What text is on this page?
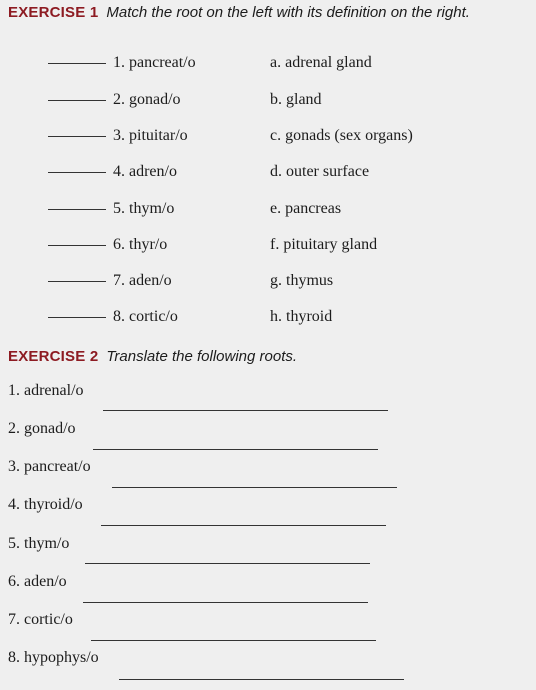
EXERCISE 1 Match the root on the left with its definition on the right.
1. pancreat/o	a. adrenal gland
2. gonad/o	b. gland
3. pituitar/o	c. gonads (sex organs)
4. adren/o	d. outer surface
5. thym/o	e. pancreas
6. thyr/o	f. pituitary gland
7. aden/o	g. thymus
8. cortic/o	h. thyroid
EXERCISE 2 Translate the following roots.
1. adrenal/o
2. gonad/o
3. pancreat/o
4. thyroid/o
5. thym/o
6. aden/o
7. cortic/o
8. hypophys/o
